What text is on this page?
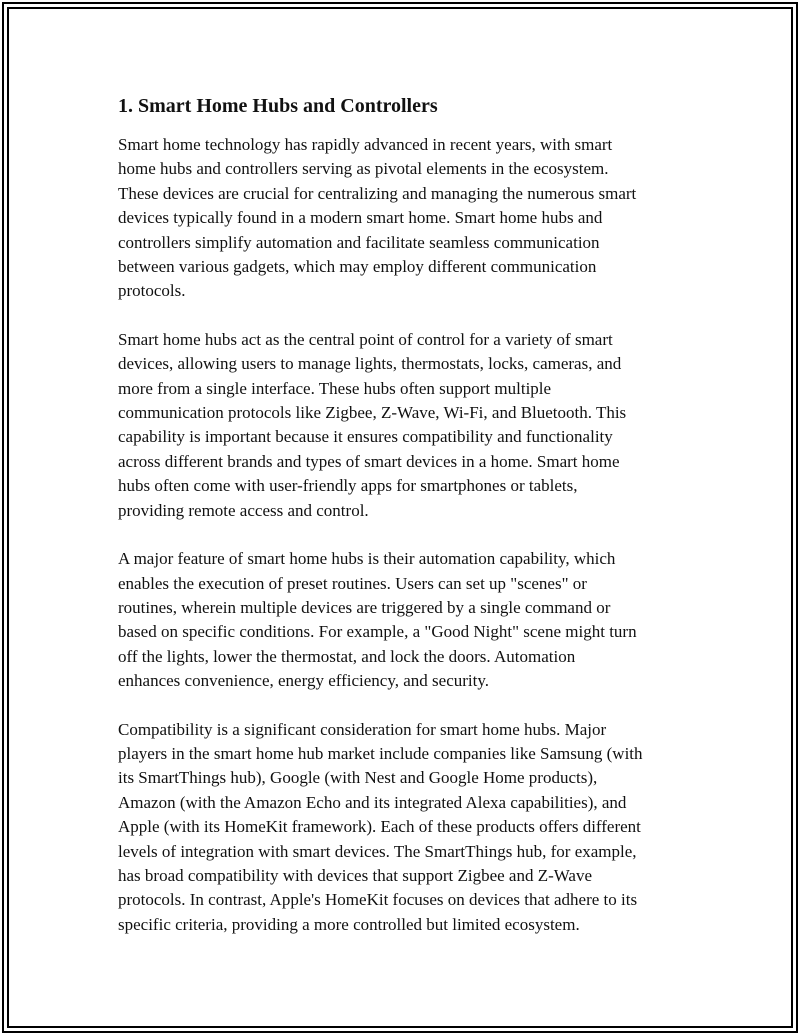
1. Smart Home Hubs and Controllers

Smart home technology has rapidly advanced in recent years, with smart
home hubs and controllers serving as pivotal elements in the ecosystem.
These devices are crucial for centralizing and managing the numerous smart
devices typically found in a modern smart home. Smart home hubs and
controllers simplify automation and facilitate seamless communication
between various gadgets, which may employ different communication
protocols.

Smart home hubs act as the central point of control for a variety of smart
devices, allowing users to manage lights, thermostats, locks, cameras, and
more from a single interface. These hubs often support multiple
communication protocols like Zigbee, Z-Wave, Wi-Fi, and Bluetooth. This
capability is important because it ensures compatibility and functionality
across different brands and types of smart devices in a home. Smart home
hubs often come with user-friendly apps for smartphones or tablets,
providing remote access and control.

A major feature of smart home hubs is their automation capability, which
enables the execution of preset routines. Users can set up "scenes" or
routines, wherein multiple devices are triggered by a single command or
based on specific conditions. For example, a "Good Night" scene might turn
off the lights, lower the thermostat, and lock the doors. Automation
enhances convenience, energy efficiency, and security.

Compatibility is a significant consideration for smart home hubs. Major
players in the smart home hub market include companies like Samsung (with
its SmartThings hub), Google (with Nest and Google Home products),
Amazon (with the Amazon Echo and its integrated Alexa capabilities), and
Apple (with its HomeKit framework). Each of these products offers different
levels of integration with smart devices. The SmartThings hub, for example,
has broad compatibility with devices that support Zigbee and Z-Wave
protocols. In contrast, Apple's HomeKit focuses on devices that adhere to its
specific criteria, providing a more controlled but limited ecosystem.
